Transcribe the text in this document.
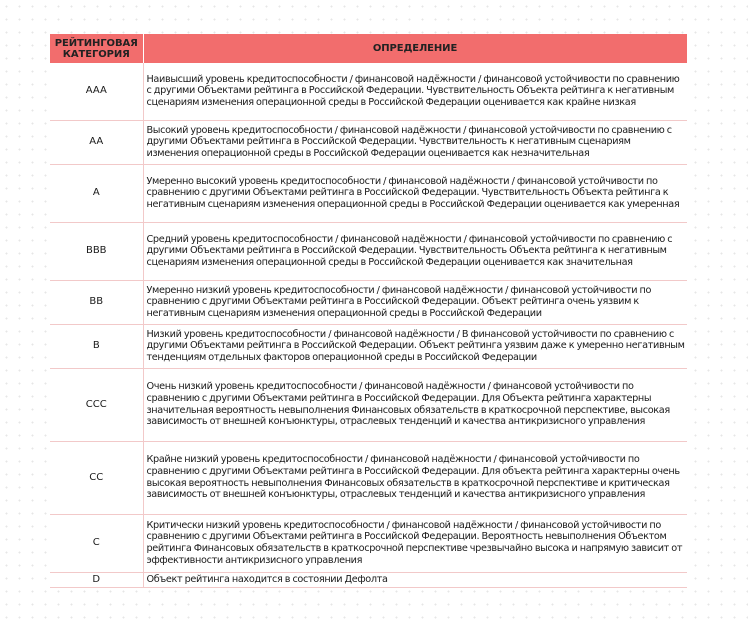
РЕЙТИНГОВАЯ КАТЕГОРИЯ	ОПРЕДЕЛЕНИЕ
AAA	Наивысший уровень кредитоспособности / финансовой надёжности / финансовой устойчивости по сравнению с другими Объектами рейтинга в Российской Федерации. Чувствительность Объекта рейтинга к негативным сценариям изменения операционной среды в Российской Федерации оценивается как крайне низкая
AA	Высокий уровень кредитоспособности / финансовой надёжности / финансовой устойчивости по сравнению с другими Объектами рейтинга в Российской Федерации. Чувствительность к негативным сценариям изменения операционной среды в Российской Федерации оценивается как незначительная
A	Умеренно высокий уровень кредитоспособности / финансовой надёжности / финансовой устойчивости по сравнению с другими Объектами рейтинга в Российской Федерации. Чувствительность Объекта рейтинга к негативным сценариям изменения операционной среды в Российской Федерации оценивается как умеренная
BBB	Средний уровень кредитоспособности / финансовой надёжности / финансовой устойчивости по сравнению с другими Объектами рейтинга в Российской Федерации. Чувствительность Объекта рейтинга к негативным сценариям изменения операционной среды в Российской Федерации оценивается как значительная
BB	Умеренно низкий уровень кредитоспособности / финансовой надёжности / финансовой устойчивости по сравнению с другими Объектами рейтинга в Российской Федерации. Объект рейтинга очень уязвим к негативным сценариям изменения операционной среды в Российской Федерации
B	Низкий уровень кредитоспособности / финансовой надёжности / В финансовой устойчивости по сравнению с другими Объектами рейтинга в Российской Федерации. Объект рейтинга уязвим даже к умеренно негативным тенденциям отдельных факторов операционной среды в Российской Федерации
CCC	Очень низкий уровень кредитоспособности / финансовой надёжности / финансовой устойчивости по сравнению с другими Объектами рейтинга в Российской Федерации. Для Объекта рейтинга характерны значительная вероятность невыполнения Финансовых обязательств в краткосрочной перспективе, высокая зависимость от внешней конъюнктуры, отраслевых тенденций и качества антикризисного управления
CC	Крайне низкий уровень кредитоспособности / финансовой надёжности / финансовой устойчивости по сравнению с другими Объектами рейтинга в Российской Федерации. Для объекта рейтинга характерны очень высокая вероятность невыполнения Финансовых обязательств в краткосрочной перспективе и критическая зависимость от внешней конъюнктуры, отраслевых тенденций и качества антикризисного управления
C	Критически низкий уровень кредитоспособности / финансовой надёжности / финансовой устойчивости по сравнению с другими Объектами рейтинга в Российской Федерации. Вероятность невыполнения Объектом рейтинга Финансовых обязательств в краткосрочной перспективе чрезвычайно высока и напрямую зависит от эффективности антикризисного управления
D	Объект рейтинга находится в состоянии Дефолта
